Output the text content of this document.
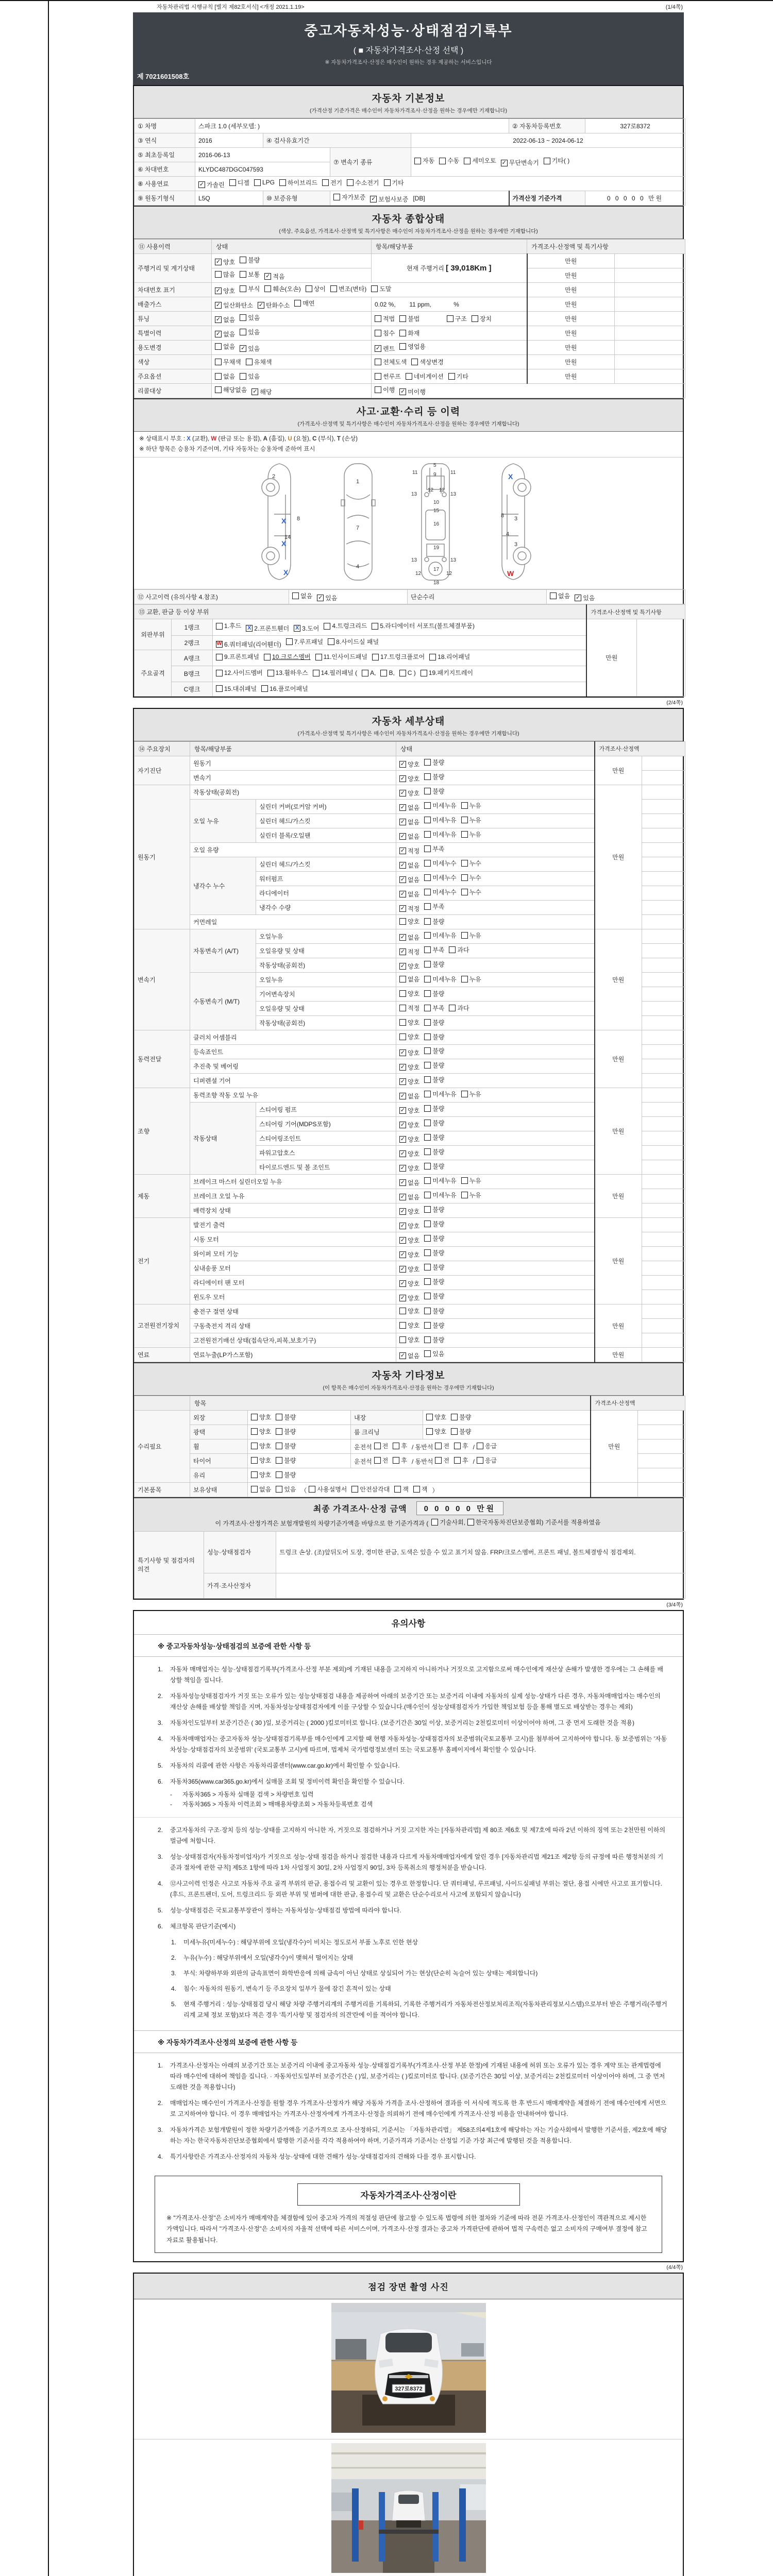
자동차관리법 시행규칙 [별지 제82호서식] <개정 2021.1.19>	(1/4쪽)
중고자동차성능·상태점검기록부
( ■ 자동차가격조사·산정 선택 )
※ 자동차가격조사·산정은 매수인이 원하는 경우 제공하는 서비스입니다
제 7021601508호
자동차 기본정보
(가격산정 기준가격은 매수인이 자동차가격조사·산정을 원하는 경우에만 기재합니다)
① 차명	스파크 1.0 (세부모델: )				② 자동차등록번호	327로8372
③ 연식	2016	④ 검사유효기간		2022-06-13 ~ 2024-06-12		
⑤ 최초등록일	2016-06-13	⑦ 변속기 종류	자동 수동 세미오토 ✓ 무단변속기 기타( )

⑥ 차대번호	KLYDC487DGC047593					
⑧ 사용연료	✓ 가솔린 디젤 LPG 하이브리드 전기 수소전기 기타

⑨ 원동기형식	L5Q	⑩ 보증유형	자가보증 ✓ 보험사보증 [DB]		가격산정 기준가격	0 0 0 0 0 만원
자동차 종합상태
(색상, 주요옵션, 가격조사·산정액 및 특기사항은 매수인이 자동차가격조사·산정을 원하는 경우에만 기재합니다)
⑪ 사용이력	상태	항목/해당부품	가격조사·산정액 및 특기사항	
주행거리 및 계기상태	✓ 양호 불량	현재 주행거리 [ 39,018Km ]	만원	

	많음 보통 ✓ 적음		만원	
차대번호 표기	✓ 양호 부식 훼손(오손) 상이 변조(변타) 도말	만원	
배출가스	✓ 일산화탄소 ✓ 탄화수소 매연	0.02 %,        11 ppm,             %	만원	
튜닝	✓ 없음 있음	적법 불법
구조 장치	만원	
특별이력	✓ 없음 있음	침수 화재	만원	
용도변경	없음 ✓ 있음	✓ 렌트 영업용	만원	
색상	무채색 유채색	전체도색 색상변경	만원	
주요옵션	없음 있음	썬루프 네비게이션 기타	만원	
리콜대상	해당없음 ✓ 해당	이행 ✓ 미이행		
사고·교환·수리 등 이력
(가격조사·산정액 및 특기사항은 매수인이 자동차가격조사·산정을 원하는 경우에만 기재합니다)
※ 상태표시 부호 : X (교환), W (판금 또는 용접), A (흠집), U (요철), C (부식), T (손상)
※ 하단 항목은 승용차 기준이며, 기타 자동차는 승용차에 준하여 표시
2
8
14
X
X
X
1
7
4
5
9
11	11
13
12 12
13
10
15
16
19
13	13
12	12
17
18
X
3
8
4
3
W
⑫ 사고이력 (유의사항 4.참조)	없음 ✓ 있음	단순수리	없음 ✓ 있음
⑬ 교환, 판금 등 이상 부위			가격조사·산정액 및 특기사항	
외판부위	1랭크	1.후드 X 2.프론트휀더 X 3.도어 4.트렁크리드 5.라디에이터 서포트(볼트체결부품)
	만원	
	2랭크	W 6.쿼터패널(리어휀더) 7.루프패널 8.사이드실 패널		

주요골격	A랭크	9.프론트패널 10.크로스멤버 11.인사이드패널 17.트렁크플로어 18.리어패널		

B랭크	12.사이드멤버 13.휠하우스 14.필러패널 ( A, B, C ) 19.패키지트레이

	C랭크	15.대쉬패널 16.플로어패널		
(2/4쪽)
자동차 세부상태
(가격조사·산정액 및 특기사항은 매수인이 자동차가격조사·산정을 원하는 경우에만 기재합니다)
⑭ 주요장치	항목/해당부품		상태	가격조사·산정액	
자기진단	원동기		✓ 양호 불량	만원	
	변속기		✓ 양호 불량		

원동기	작동상태(공회전)		✓ 양호 불량	만원	
	오일 누유	실린더 커버(로커암 커버)	✓ 없음 미세누유 누유		

		실린더 헤드/가스킷	✓ 없음 미세누유 누유		

		실린더 블록/오일팬	✓ 없음 미세누유 누유		

	오일 유량		✓ 적정 부족		

	냉각수 누수	실린더 헤드/가스킷	✓ 없음 미세누수 누수		

		워터펌프	✓ 없음 미세누수 누수		

		라디에이터	✓ 없음 미세누수 누수		

		냉각수 수량	✓ 적정 부족		

	커먼레일		양호 불량		

변속기	자동변속기 (A/T)	오일누유	✓ 없음 미세누유 누유	만원	
		오일유량 및 상태	✓ 적정 부족 과다		

		작동상태(공회전)	✓ 양호 불량		

	수동변속기 (M/T)	오일누유	없음 미세누유 누유		

		기어변속장치	양호 불량		

		오일유량 및 상태	적정 부족 과다		

		작동상태(공회전)	양호 불량		

동력전달	클러치 어셈블리		양호 불량	만원	
	등속죠인트		✓ 양호 불량		

	추진축 및 베어링		✓ 양호 불량		

	디퍼렌셜 기어		✓ 양호 불량		

조향	동력조향 작동 오일 누유		✓ 없음 미세누유 누유	만원	
	작동상태	스티어링 펌프	✓ 양호 불량		

		스티어링 기어(MDPS포함)	✓ 양호 불량		

		스티어링조인트	✓ 양호 불량		

		파워고압호스	✓ 양호 불량		

		타이로드엔드 및 볼 조인트	✓ 양호 불량		

제동	브레이크 마스터 실린더오일 누유		✓ 없음 미세누유 누유	만원	
	브레이크 오일 누유		✓ 없음 미세누유 누유		

	배력장치 상태		✓ 양호 불량		

전기	발전기 출력		✓ 양호 불량	만원	
	시동 모터		✓ 양호 불량		

	와이퍼 모터 기능		✓ 양호 불량		

	실내송풍 모터		✓ 양호 불량		

	라디에이터 팬 모터		✓ 양호 불량		

	윈도우 모터		✓ 양호 불량		

고전원전기장치	충전구 절연 상태		양호 불량	만원	
	구동축전지 격리 상태		양호 불량		

	고전원전기배선 상태(접속단자,피복,보호기구)		양호 불량		

연료	연료누출(LP가스포함)		✓ 없음 있음	만원	
자동차 기타정보
(이 항목은 매수인이 자동차가격조사·산정을 원하는 경우에만 기재합니다)
	항목				가격조사·산정액	
수리필요	외장	양호 불량	내장	양호 불량	만원	
	광택	양호 불량	룸 크리닝	양호 불량		

휠	양호 불량	운전석 전 후 / 동반석 전 후 / 응급

타이어	양호 불량	운전석 전 후 / 동반석 전 후 / 응급

	유리	양호 불량				

기본품목	보유상태	없음 있음 （ 사용설명서 안전삼각대 잭 잭 ）		
최종 가격조사·산정 금액	0 0 0 0 0 만원
이 가격조사·산정가격은 보험개발원의 차량기준가액을 바탕으로 한 기준가격과 ( 기술사회, 한국자동차진단보증협회) 기준서를 적용하였음
특기사항 및 점검자의 의견	성능·상태점검자	트렁크 손상. (조)앞뒤도어 도장, 경미한 판금, 도색은 있을 수 있고 표기치 않음. FRP/크로스멤버, 프론트 패널, 볼트체결방식 점검제외.
	가격·조사산정자	
(3/4쪽)
유의사항
※ 중고자동차성능·상태점검의 보증에 관한 사항 등
1.	자동차 매매업자는 성능·상태점검기록부(가격조사·산정 부분 제외)에 기재된 내용을 고지하지 아니하거나 거짓으로 고지함으로써 매수인에게 재산상 손해가 발생한 경우에는 그 손해를 배상할 책임을 집니다.
2.	자동차성능상태점검자가 거짓 또는 오류가 있는 성능상태점검 내용을 제공하여 아래의 보증기간 또는 보증거리 이내에 자동차의 실제 성능·상태가 다른 경우, 자동차매매업자는 매수인의 재산상 손해를 배상할 책임을 지며, 자동차성능상태점검자에게 이를 구상할 수 있습니다.(매수인이 성능상태점검자가 가입한 책임보험 등을 통해 별도로 배상받는 경우는 제외)
3.	자동차인도일부터 보증기간은 ( 30 )일, 보증거리는 ( 2000 )킬로미터로 합니다. (보증기간은 30일 이상, 보증거리는 2천킬로미터 이상이어야 하며, 그 중 먼저 도래한 것을 적용)
4.	자동차매매업자는 중고자동차 성능·상태점검기록부를 매수인에게 고지할 때 현행 자동차성능·상태점검자의 보증범위(국토교통부 고시)를 첨부하여 고지하여야 합니다. 동 보증범위는 '자동차성능·상태점검자의 보증범위' (국토교통부 고시)에 따르며, 법제처 국가법령정보센터 또는 국토교통부 홈페이지에서 확인할 수 있습니다.
5.	자동차의 리콜에 관한 사항은 자동차리콜센터(www.car.go.kr)에서 확인할 수 있습니다.
6.	자동차365(www.car365.go.kr)에서 실매물 조회 및 정비이력 확인을 확인할 수 있습니다.
-	자동차365 > 자동차 실매물 검색 > 차량번호 입력
-	자동차365 > 자동차 이력조회 > 매매용차량조회 > 자동차등록번호 검색
2.	중고자동차의 구조·장치 등의 성능·상태를 고지하지 아니한 자, 거짓으로 점검하거나 거짓 고지한 자는 [자동차관리법] 제 80조 제6호 및 제7호에 따라 2년 이하의 징역 또는 2천만원 이하의 벌금에 처합니다.
3.	성능·상태점검자(자동차정비업자)가 거짓으로 성능·상태 점검을 하거나 점검한 내용과 다르게 자동차매매업자에게 알린 경우 [자동차관리법 제21조 제2항 등의 규정에 따른 행정처분의 기준과 절차에 관한 규칙] 제5조 1항에 따라 1차 사업정지 30일, 2차 사업정지 90일, 3차 등록취소의 행정처분을 받습니다.
4.	⑫사고이력 인정은 사고로 자동차 주요 골격 부위의 판금, 용접수리 및 교환이 있는 경우로 한정합니다. 단 쿼터패널, 루프패널, 사이드실패널 부위는 절단, 용접 시에만 사고로 표기합니다. (후드, 프론트펜더, 도어, 트렁크리드 등 외판 부위 및 범퍼에 대한 판금, 용접수리 및 교환은 단순수리로서 사고에 포함되지 않습니다)
5.	성능·상태점검은 국토교통부장관이 정하는 자동차성능·상태점검 방법에 따라야 합니다.
6.	체크항목 판단기준(예시)
1.	미세누유(미세누수) : 해당부위에 오일(냉각수)이 비치는 정도로서 부품 노후로 인한 현상
2.	누유(누수) : 해당부위에서 오일(냉각수)이 맺혀서 떨어지는 상태
3.	부식: 차량하부와 외판의 금속표면이 화학반응에 의해 금속이 아닌 상태로 상실되어 가는 현상(단순히 녹슬어 있는 상태는 제외합니다)
4.	침수: 자동차의 원동기, 변속기 등 주요장치 일부가 물에 잠긴 흔적이 있는 상태
5.	현재 주행거리 : 성능·상태점검 당시 해당 차량 주행거리계의 주행거리를 기록하되, 기록한 주행거리가 자동차전산정보처리조직(자동차관리정보시스템)으로부터 받은 주행거리(주행거리계 교체 정보 포함)보다 적은 경우 '특기사항 및 점검자의 의견'란에 이를 적어야 합니다.
※ 자동차가격조사·산정의 보증에 관한 사항 등
1.	가격조사·산정자는 아래의 보증기간 또는 보증거리 이내에 중고자동차 성능·상태점검기록부(가격조사·산정 부분 한정)에 기재된 내용에 허위 또는 오류가 있는 경우 계약 또는 관계법령에 따라 매수인에 대하여 책임을 집니다. · 자동차인도일부터 보증기간은 ( )일, 보증거리는 ( )킬로미터로 합니다. (보증기간은 30일 이상, 보증거리는 2천킬로미터 이상이어야 하며, 그 중 먼저 도래한 것을 적용합니다)
2.	매매업자는 매수인이 가격조사·산정을 원할 경우 가격조사·산정자가 해당 자동차 가격을 조사·산정하여 결과를 이 서식에 적도록 한 후 반드시 매매계약을 체결하기 전에 매수인에게 서면으로 고지하여야 합니다. 이 경우 매매업자는 가격조사·산정자에게 가격조사·산정을 의뢰하기 전에 매수인에게 가격조사·산정 비용을 안내하여야 합니다.
3.	자동차가격은 보험개발원이 정한 차량기준가액을 기준가격으로 조사·산정하되, 기준서는 「자동차관리법」 제58조의4제1호에 해당하는 자는 기술사회에서 발행한 기준서를, 제2호에 해당하는 자는 한국자동차진단보증협회에서 발행한 기준서를 각각 적용하여야 하며, 기준가격과 기준서는 산정일 기준 가장 최근에 발행된 것을 적용합니다.
4.	특기사항란은 가격조사·산정자의 자동차 성능·상태에 대한 견해가 성능·상태점검자의 견해와 다를 경우 표시합니다.
자동차가격조사·산정이란
※ "가격조사·산정"은 소비자가 매매계약을 체결함에 있어 중고차 가격의 적절성 판단에 참고할 수 있도록 법령에 의한 절차와 기준에 따라 전문 가격조사·산정인이 객관적으로 제시한 가액입니다. 따라서 "가격조사·산정"은 소비자의 자율적 선택에 따른 서비스이며, 가격조사·산정 결과는 중고차 가격판단에 관하여 법적 구속력은 없고 소비자의 구매여부 결정에 참고자료로 활용됩니다.
(4/4쪽)
점검 장면 촬영 사진
327로8372
